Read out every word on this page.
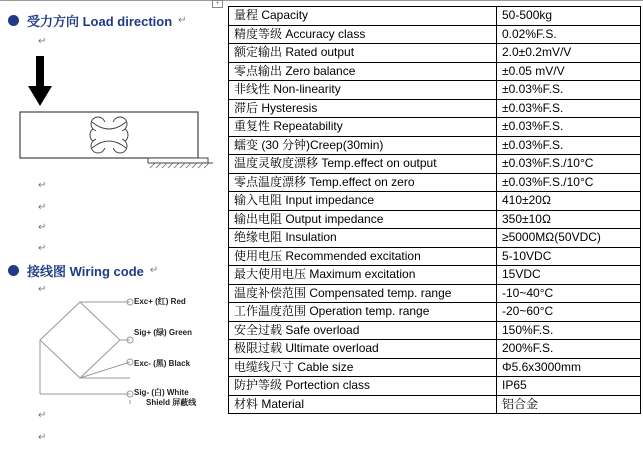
+
受力方向 Load direction ↵
↵
↵
↵
↵
↵
接线图 Wiring code ↵
↵
Exc+ (红) Red
Sig+ (绿) Green
Exc- (黑) Black
Sig- (白) White
Shield 屏蔽线
↵
↵
量程 Capacity	50-500kg
精度等级 Accuracy class	0.02%F.S.
额定输出 Rated output	2.0±0.2mV/V
零点输出 Zero balance	±0.05 mV/V
非线性 Non-linearity	±0.03%F.S.
滞后 Hysteresis	±0.03%F.S.
重复性 Repeatability	±0.03%F.S.
蠕变 (30 分钟)Creep(30min)	±0.03%F.S.
温度灵敏度漂移 Temp.effect on output	±0.03%F.S./10°C
零点温度漂移 Temp.effect on zero	±0.03%F.S./10°C
输入电阻 Input impedance	410±20Ω
输出电阻 Output impedance	350±10Ω
绝缘电阻 Insulation	≥5000MΩ(50VDC)
使用电压 Recommended excitation	5-10VDC
最大使用电压 Maximum excitation	15VDC
温度补偿范围 Compensated temp. range	-10~40°C
工作温度范围 Operation temp. range	-20~60°C
安全过载 Safe overload	150%F.S.
极限过载 Ultimate overload	200%F.S.
电缆线尺寸 Cable size	Φ5.6x3000mm
防护等级 Portection class	IP65
材料 Material	铝合金
